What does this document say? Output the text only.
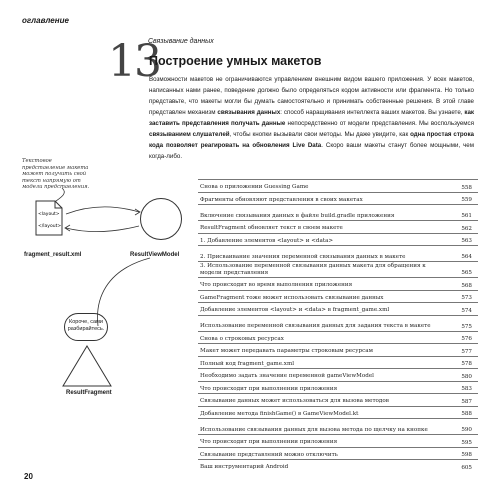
оглавление
13
Связывание данных
Построение умных макетов
Возможности макетов не ограничиваются управлением внешним видом вашего приложения. У всех макетов, написанных нами ранее, поведение должно было определяться кодом активности или фрагмента. Но только представьте, что макеты могли бы думать самостоятельно и принимать собственные решения. В этой главе представлен механизм связывания данных: способ наращивания интеллекта ваших макетов. Вы узнаете, как заставить представления получать данные непосредственно от модели представления. Мы воспользуемся связыванием слушателей, чтобы кнопки вызывали свои методы. Мы даже увидите, как одна простая строка кода позволяет реагировать на обновления Live Data. Скоро ваши макеты станут более мощными, чем когда-либо.
Текстовое представление макета может получить свой текст напрямую от модели представления.
<layout>
</layout>
fragment_result.xml	ResultViewModel
Короче, сами разбирайтесь.
ResultFragment
Снова о приложении Guessing Game	558
Фрагменты обновляют представления в своих макетах	559
Включение связывания данных в файле build.gradle приложения	561
ResultFragment обновляет текст в своем макете	562
1. Добавление элементов <layout> и <data>	563
2. Присваивание значения переменной связывания данных в макете	564
3. Использование переменной связывания данных макета для обращения к модели представления	565
Что происходит во время выполнения приложения	568
GameFragment тоже может использовать связывание данных	573
Добавление элементов <layout> и <data> в fragment_game.xml	574
Использование переменной связывания данных для задания текста в макете	575
Снова о строковых ресурсах	576
Макет может передавать параметры строковым ресурсам	577
Полный код fragment_game.xml	578
Необходимо задать значение переменной gameViewModel	580
Что происходит при выполнении приложения	583
Связывание данных может использоваться для вызова методов	587
Добавление метода finishGame() в GameViewModel.kt	588
Использование связывания данных для вызова метода по щелчку на кнопке	590
Что происходит при выполнении приложения	595
Связывание представлений можно отключить	598
Ваш инструментарий Android	605
20
